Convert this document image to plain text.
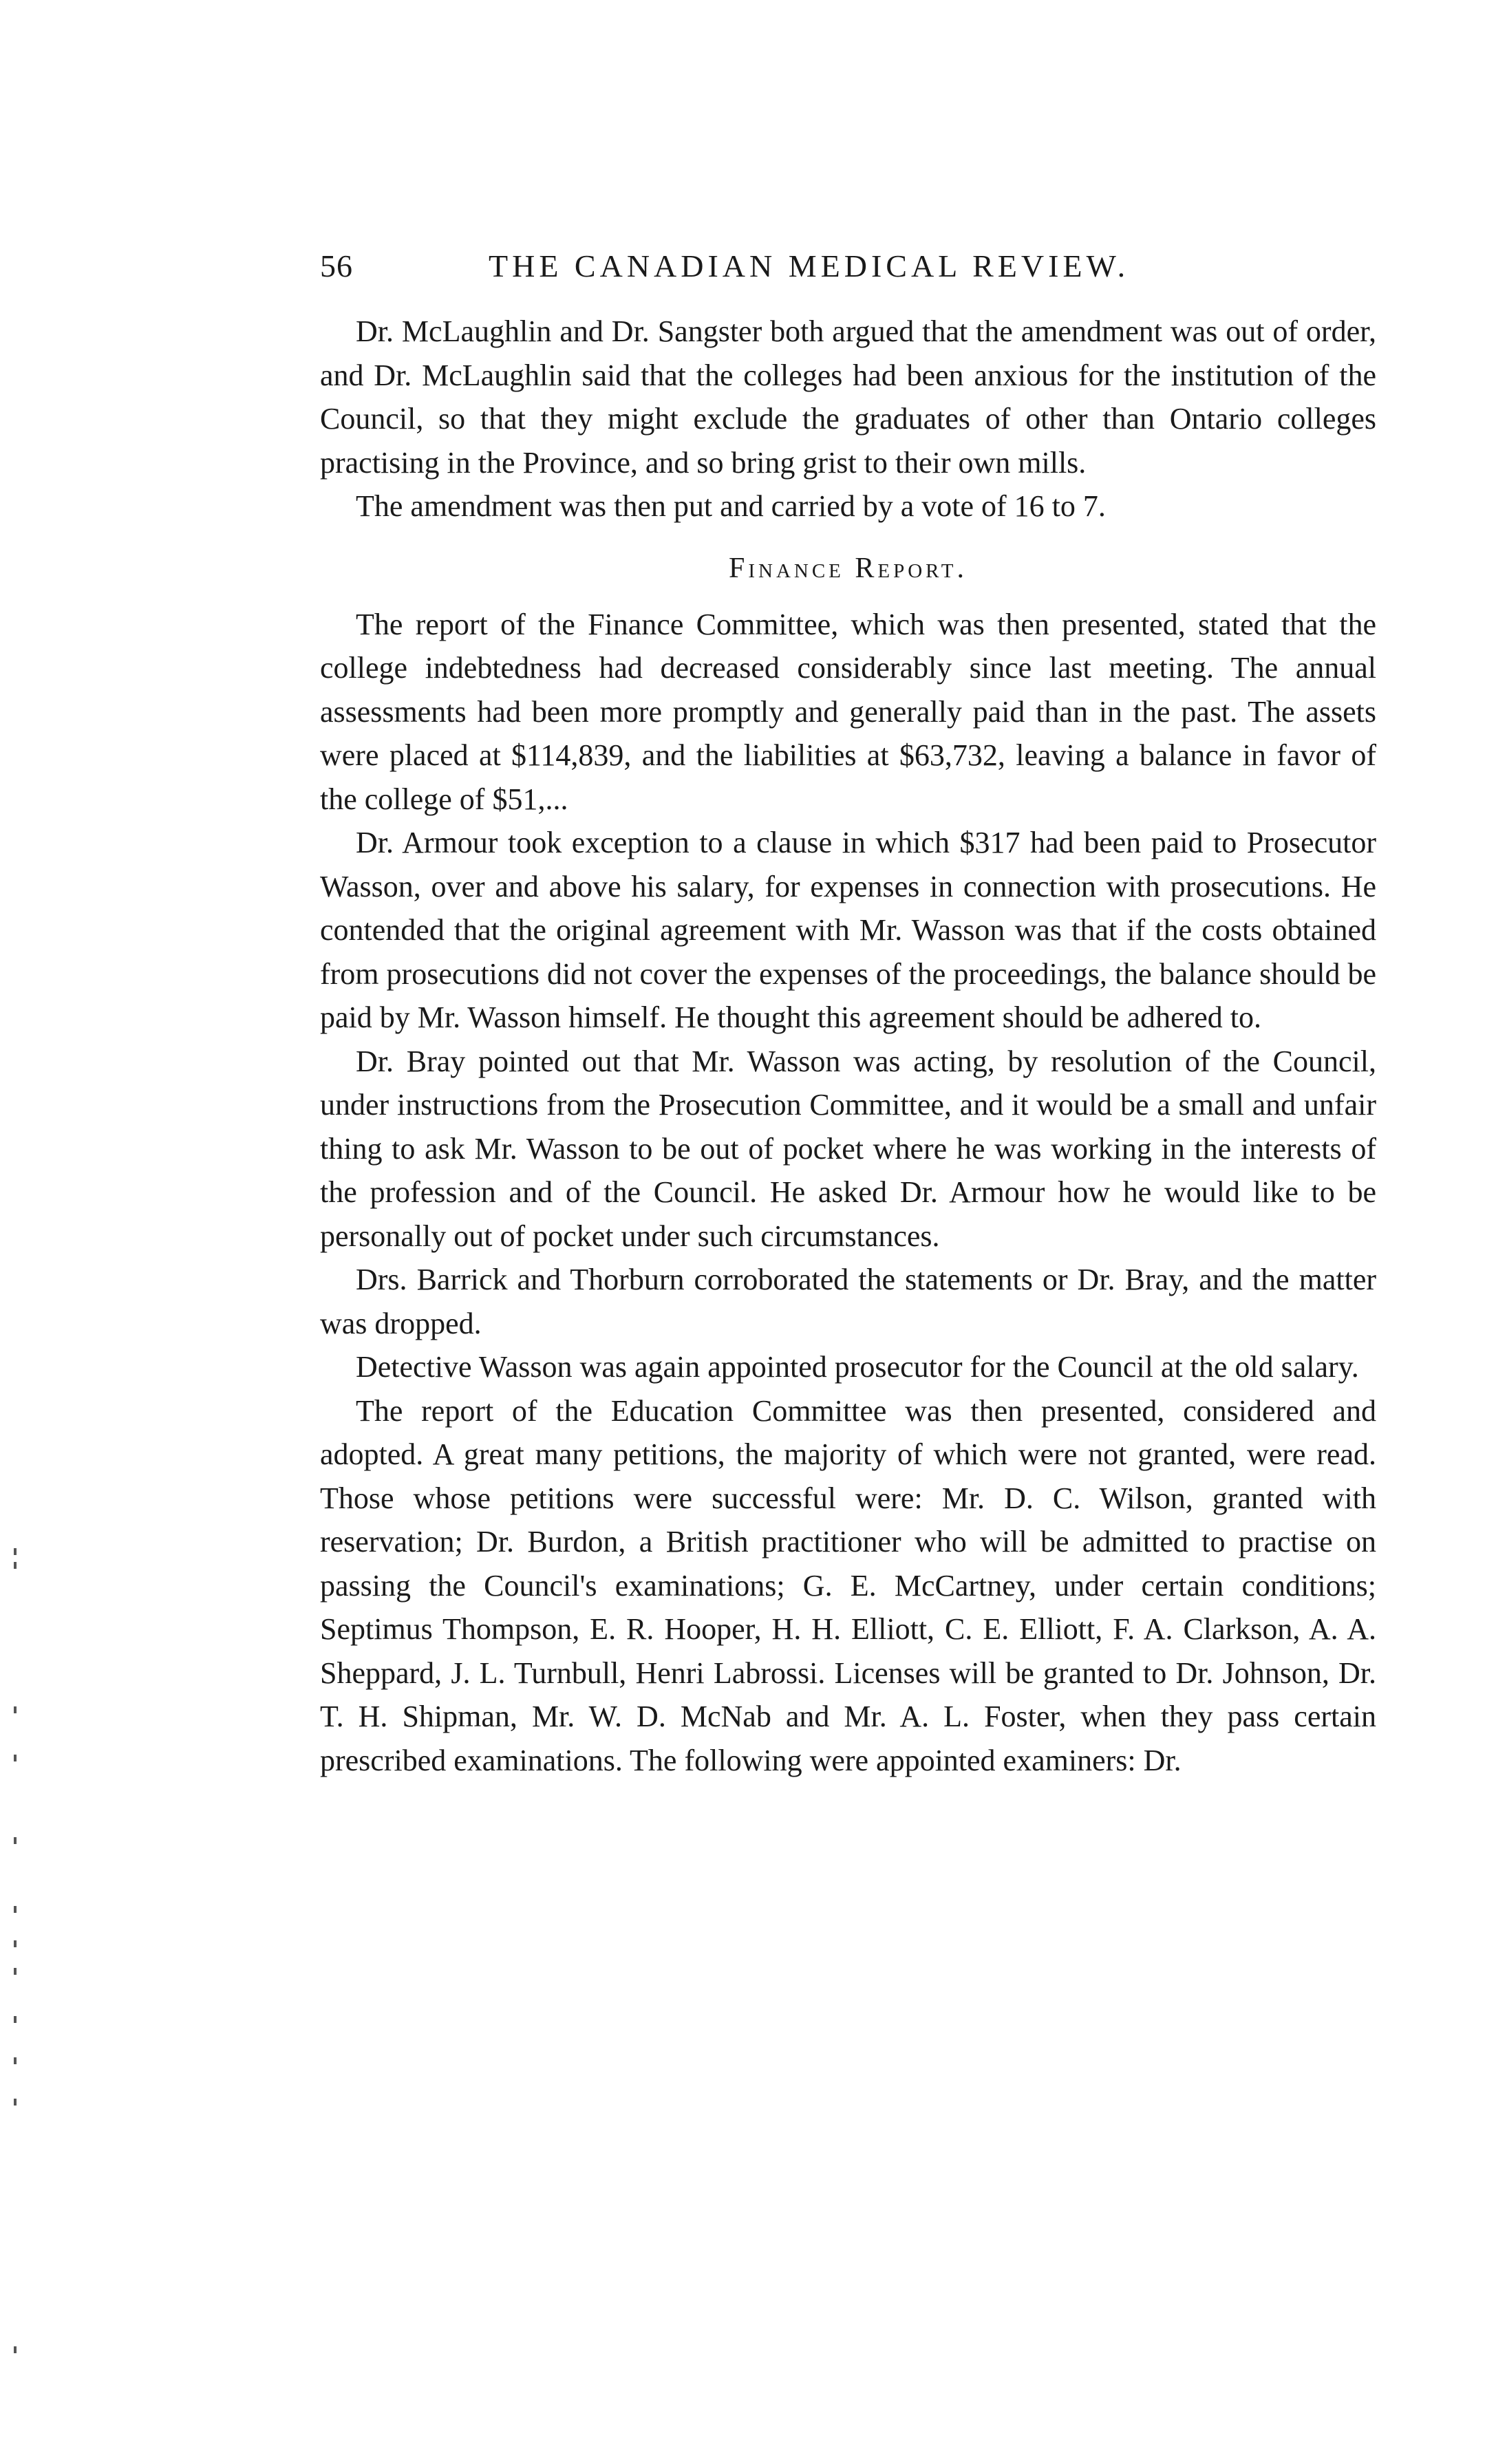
56	THE CANADIAN MEDICAL REVIEW.

Dr. McLaughlin and Dr. Sangster both argued that the amendment was out of order, and Dr. McLaughlin said that the colleges had been anxious for the institution of the Council, so that they might exclude the graduates of other than Ontario colleges practising in the Province, and so bring grist to their own mills.

The amendment was then put and carried by a vote of 16 to 7.

Finance Report.

The report of the Finance Committee, which was then presented, stated that the college indebtedness had decreased considerably since last meeting. The annual assessments had been more promptly and generally paid than in the past. The assets were placed at $114,839, and the liabilities at $63,732, leaving a balance in favor of the college of $51,...

Dr. Armour took exception to a clause in which $317 had been paid to Prosecutor Wasson, over and above his salary, for expenses in connection with prosecutions. He contended that the original agreement with Mr. Wasson was that if the costs obtained from prosecutions did not cover the expenses of the proceedings, the balance should be paid by Mr. Wasson himself. He thought this agreement should be adhered to.

Dr. Bray pointed out that Mr. Wasson was acting, by resolution of the Council, under instructions from the Prosecution Committee, and it would be a small and unfair thing to ask Mr. Wasson to be out of pocket where he was working in the interests of the profession and of the Council. He asked Dr. Armour how he would like to be personally out of pocket under such circumstances.

Drs. Barrick and Thorburn corroborated the statements or Dr. Bray, and the matter was dropped.

Detective Wasson was again appointed prosecutor for the Council at the old salary.

The report of the Education Committee was then presented, considered and adopted. A great many petitions, the majority of which were not granted, were read. Those whose petitions were successful were: Mr. D. C. Wilson, granted with reservation; Dr. Burdon, a British practitioner who will be admitted to practise on passing the Council's examinations; G. E. McCartney, under certain conditions; Septimus Thompson, E. R. Hooper, H. H. Elliott, C. E. Elliott, F. A. Clarkson, A. A. Sheppard, J. L. Turnbull, Henri Labrossi. Licenses will be granted to Dr. Johnson, Dr. T. H. Shipman, Mr. W. D. McNab and Mr. A. L. Foster, when they pass certain prescribed examinations. The following were appointed examiners: Dr.
